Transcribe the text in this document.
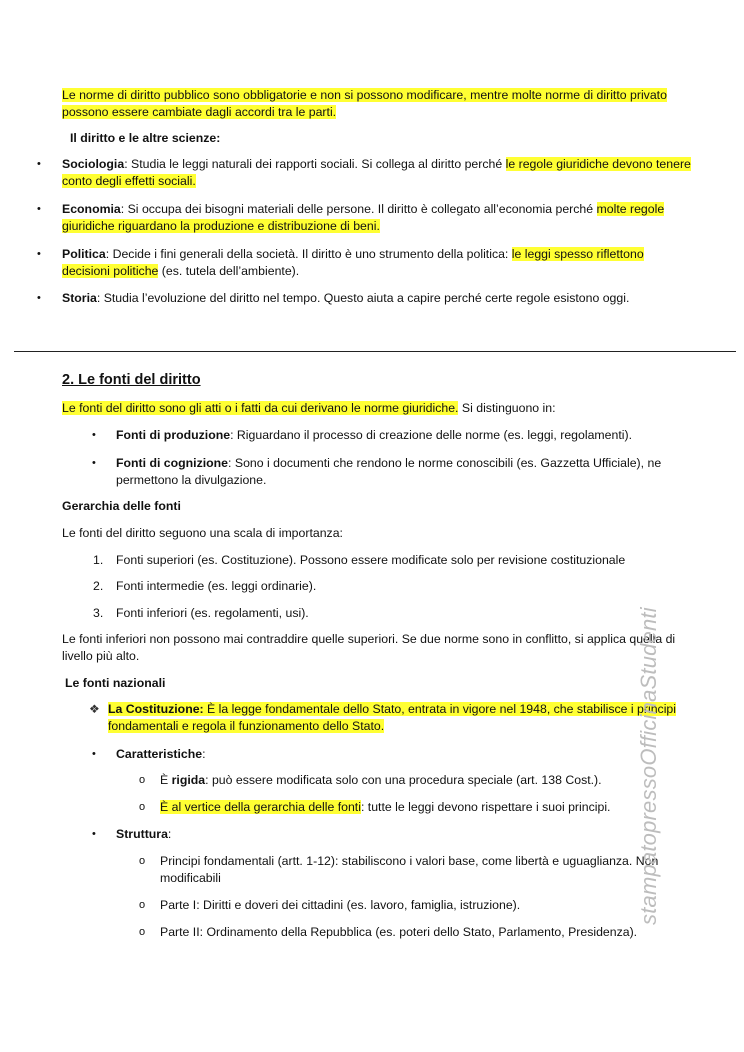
Le norme di diritto pubblico sono obbligatorie e non si possono modificare, mentre molte norme di diritto privato possono essere cambiate dagli accordi tra le parti.

Il diritto e le altre scienze:

• Sociologia: Studia le leggi naturali dei rapporti sociali. Si collega al diritto perché le regole giuridiche devono tenere conto degli effetti sociali.

• Economia: Si occupa dei bisogni materiali delle persone. Il diritto è collegato all’economia perché molte regole giuridiche riguardano la produzione e distribuzione di beni.

• Politica: Decide i fini generali della società. Il diritto è uno strumento della politica: le leggi spesso riflettono decisioni politiche (es. tutela dell’ambiente).

• Storia: Studia l’evoluzione del diritto nel tempo. Questo aiuta a capire perché certe regole esistono oggi.

2. Le fonti del diritto

Le fonti del diritto sono gli atti o i fatti da cui derivano le norme giuridiche. Si distinguono in:

• Fonti di produzione: Riguardano il processo di creazione delle norme (es. leggi, regolamenti).

• Fonti di cognizione: Sono i documenti che rendono le norme conoscibili (es. Gazzetta Ufficiale), ne permettono la divulgazione.

Gerarchia delle fonti

Le fonti del diritto seguono una scala di importanza:

1. Fonti superiori (es. Costituzione). Possono essere modificate solo per revisione costituzionale

2. Fonti intermedie (es. leggi ordinarie).

3. Fonti inferiori (es. regolamenti, usi).

Le fonti inferiori non possono mai contraddire quelle superiori. Se due norme sono in conflitto, si applica quella di livello più alto.

Le fonti nazionali

❖ La Costituzione: È la legge fondamentale dello Stato, entrata in vigore nel 1948, che stabilisce i principi fondamentali e regola il funzionamento dello Stato.

• Caratteristiche:

o È rigida: può essere modificata solo con una procedura speciale (art. 138 Cost.).

o È al vertice della gerarchia delle fonti: tutte le leggi devono rispettare i suoi principi.

• Struttura:

o Principi fondamentali (artt. 1-12): stabiliscono i valori base, come libertà e uguaglianza. Non modificabili

o Parte I: Diritti e doveri dei cittadini (es. lavoro, famiglia, istruzione).

o Parte II: Ordinamento della Repubblica (es. poteri dello Stato, Parlamento, Presidenza).

stampatopressoOfficinaStudenti
